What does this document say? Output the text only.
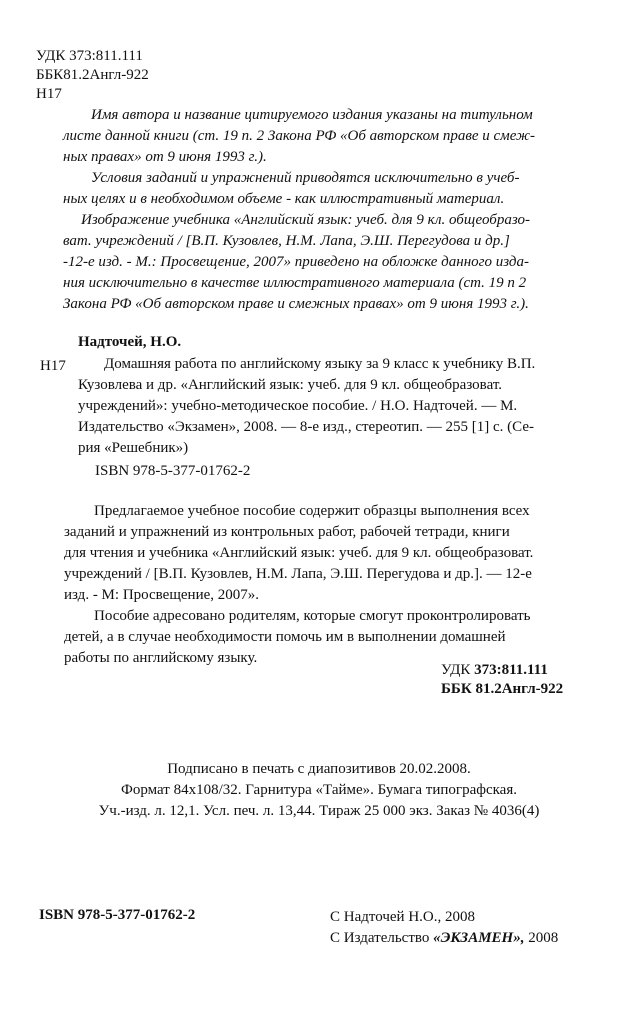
УДК 373:811.111
ББК81.2Англ-922
Н17
Имя автора и название цитируемого издания указаны на титульном
листе данной книги (ст. 19 п. 2 Закона РФ «Об авторском праве и смеж-
ных правах» от 9 июня 1993 г.).
Условия заданий и упражнений приводятся исключительно в учеб-
ных целях и в необходимом объеме - как иллюстративный материал.
Изображение учебника «Английский язык: учеб. для 9 кл. общеобразо-
ват. учреждений / [В.П. Кузовлев, Н.М. Лапа, Э.Ш. Перегудова и др.]
-12-е изд. - М.: Просвещение, 2007» приведено на обложке данного изда-
ния исключительно в качестве иллюстративного материала (ст. 19 п 2
Закона РФ «Об авторском праве и смежных правах» от 9 июня 1993 г.).
Надточей, Н.О.
Н17	Домашняя работа по английскому языку за 9 класс к учебнику В.П.
Кузовлева и др. «Английский язык: учеб. для 9 кл. общеобразоват.
учреждений»: учебно-методическое пособие. / Н.О. Надточей. — М.
Издательство «Экзамен», 2008. — 8-е изд., стереотип. — 255 [1] с. (Се-
рия «Решебник»)
ISBN 978-5-377-01762-2
Предлагаемое учебное пособие содержит образцы выполнения всех
заданий и упражнений из контрольных работ, рабочей тетради, книги
для чтения и учебника «Английский язык: учеб. для 9 кл. общеобразоват.
учреждений / [В.П. Кузовлев, Н.М. Лапа, Э.Ш. Перегудова и др.]. — 12-е
изд. - М: Просвещение, 2007».
Пособие адресовано родителям, которые смогут проконтролировать
детей, а в случае необходимости помочь им в выполнении домашней
работы по английскому языку.
УДК 373:811.111
ББК 81.2Англ-922
Подписано в печать с диапозитивов 20.02.2008.
Формат 84x108/32. Гарнитура «Тайме». Бумага типографская.
Уч.-изд. л. 12,1. Усл. печ. л. 13,44. Тираж 25 000 экз. Заказ № 4036(4)
ISBN 978-5-377-01762-2	С Надточей Н.О., 2008
С Издательство «ЭКЗАМЕН», 2008
